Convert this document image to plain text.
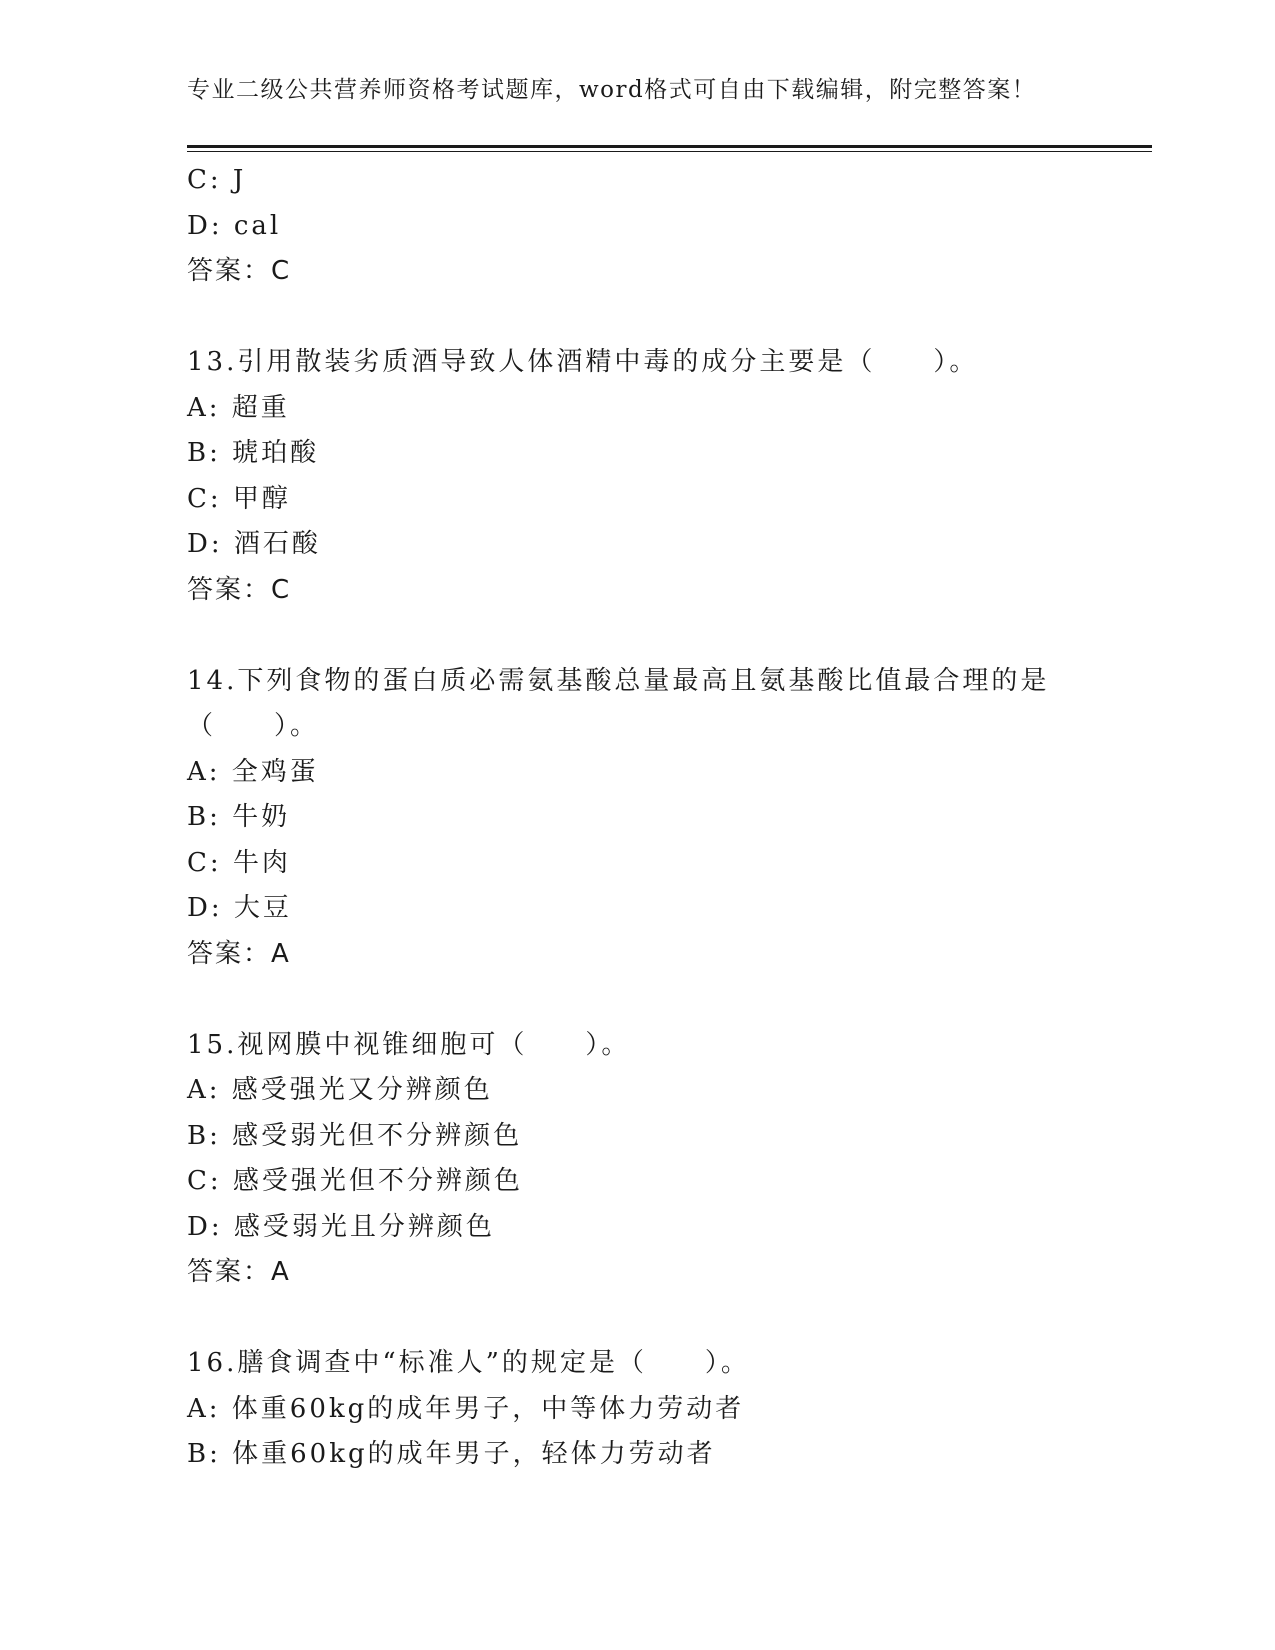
专业二级公共营养师资格考试题库，word格式可自由下载编辑，附完整答案！
C: J
D: cal
答案：C
13.引用散装劣质酒导致人体酒精中毒的成分主要是（　　）。
A: 超重
B: 琥珀酸
C: 甲醇
D: 酒石酸
答案：C
14.下列食物的蛋白质必需氨基酸总量最高且氨基酸比值最合理的是（　　）。
A: 全鸡蛋
B: 牛奶
C: 牛肉
D: 大豆
答案：A
15.视网膜中视锥细胞可（　　）。
A: 感受强光又分辨颜色
B: 感受弱光但不分辨颜色
C: 感受强光但不分辨颜色
D: 感受弱光且分辨颜色
答案：A
16.膳食调查中“标准人”的规定是（　　）。
A: 体重60kg的成年男子，中等体力劳动者
B: 体重60kg的成年男子，轻体力劳动者
